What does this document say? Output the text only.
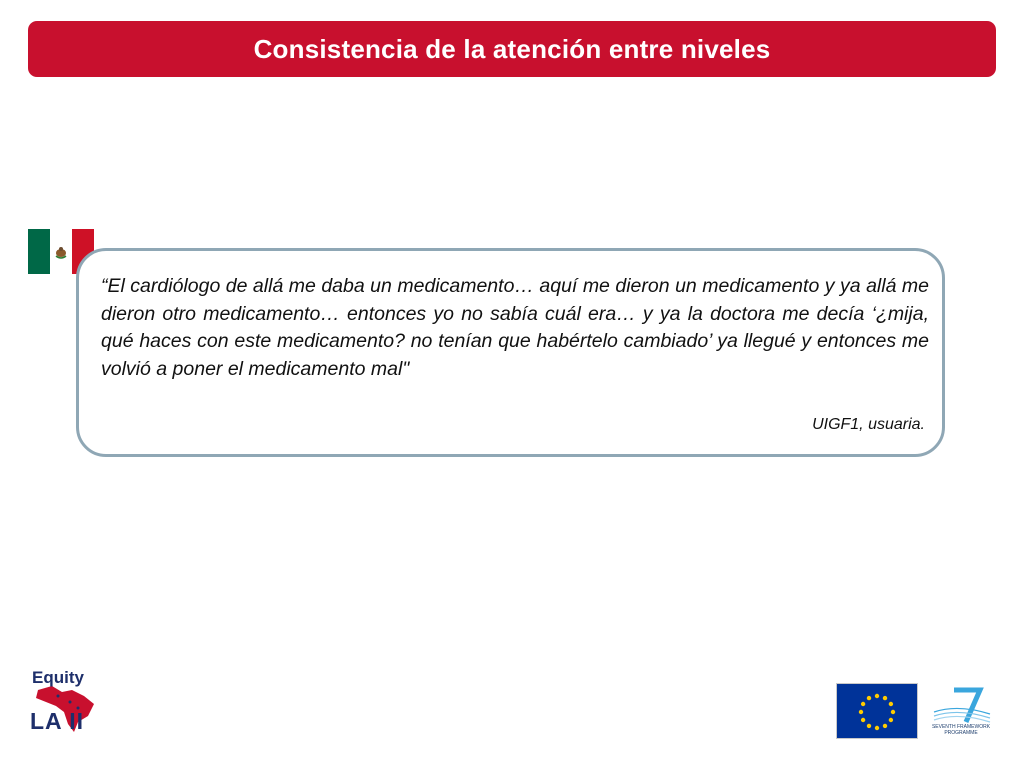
Consistencia de la atención entre niveles

“El cardiólogo de allá me daba un medicamento… aquí me dieron un medicamento y ya allá me dieron otro medicamento… entonces yo no sabía cuál era… y ya la doctora me decía ‘¿mija, qué haces con este medicamento? no tenían que habértelo cambiado’ ya llegué y entonces me volvió a poner el medicamento mal"

UIGF1, usuaria.

Equity
LA II	SEVENTH FRAMEWORK
PROGRAMME
